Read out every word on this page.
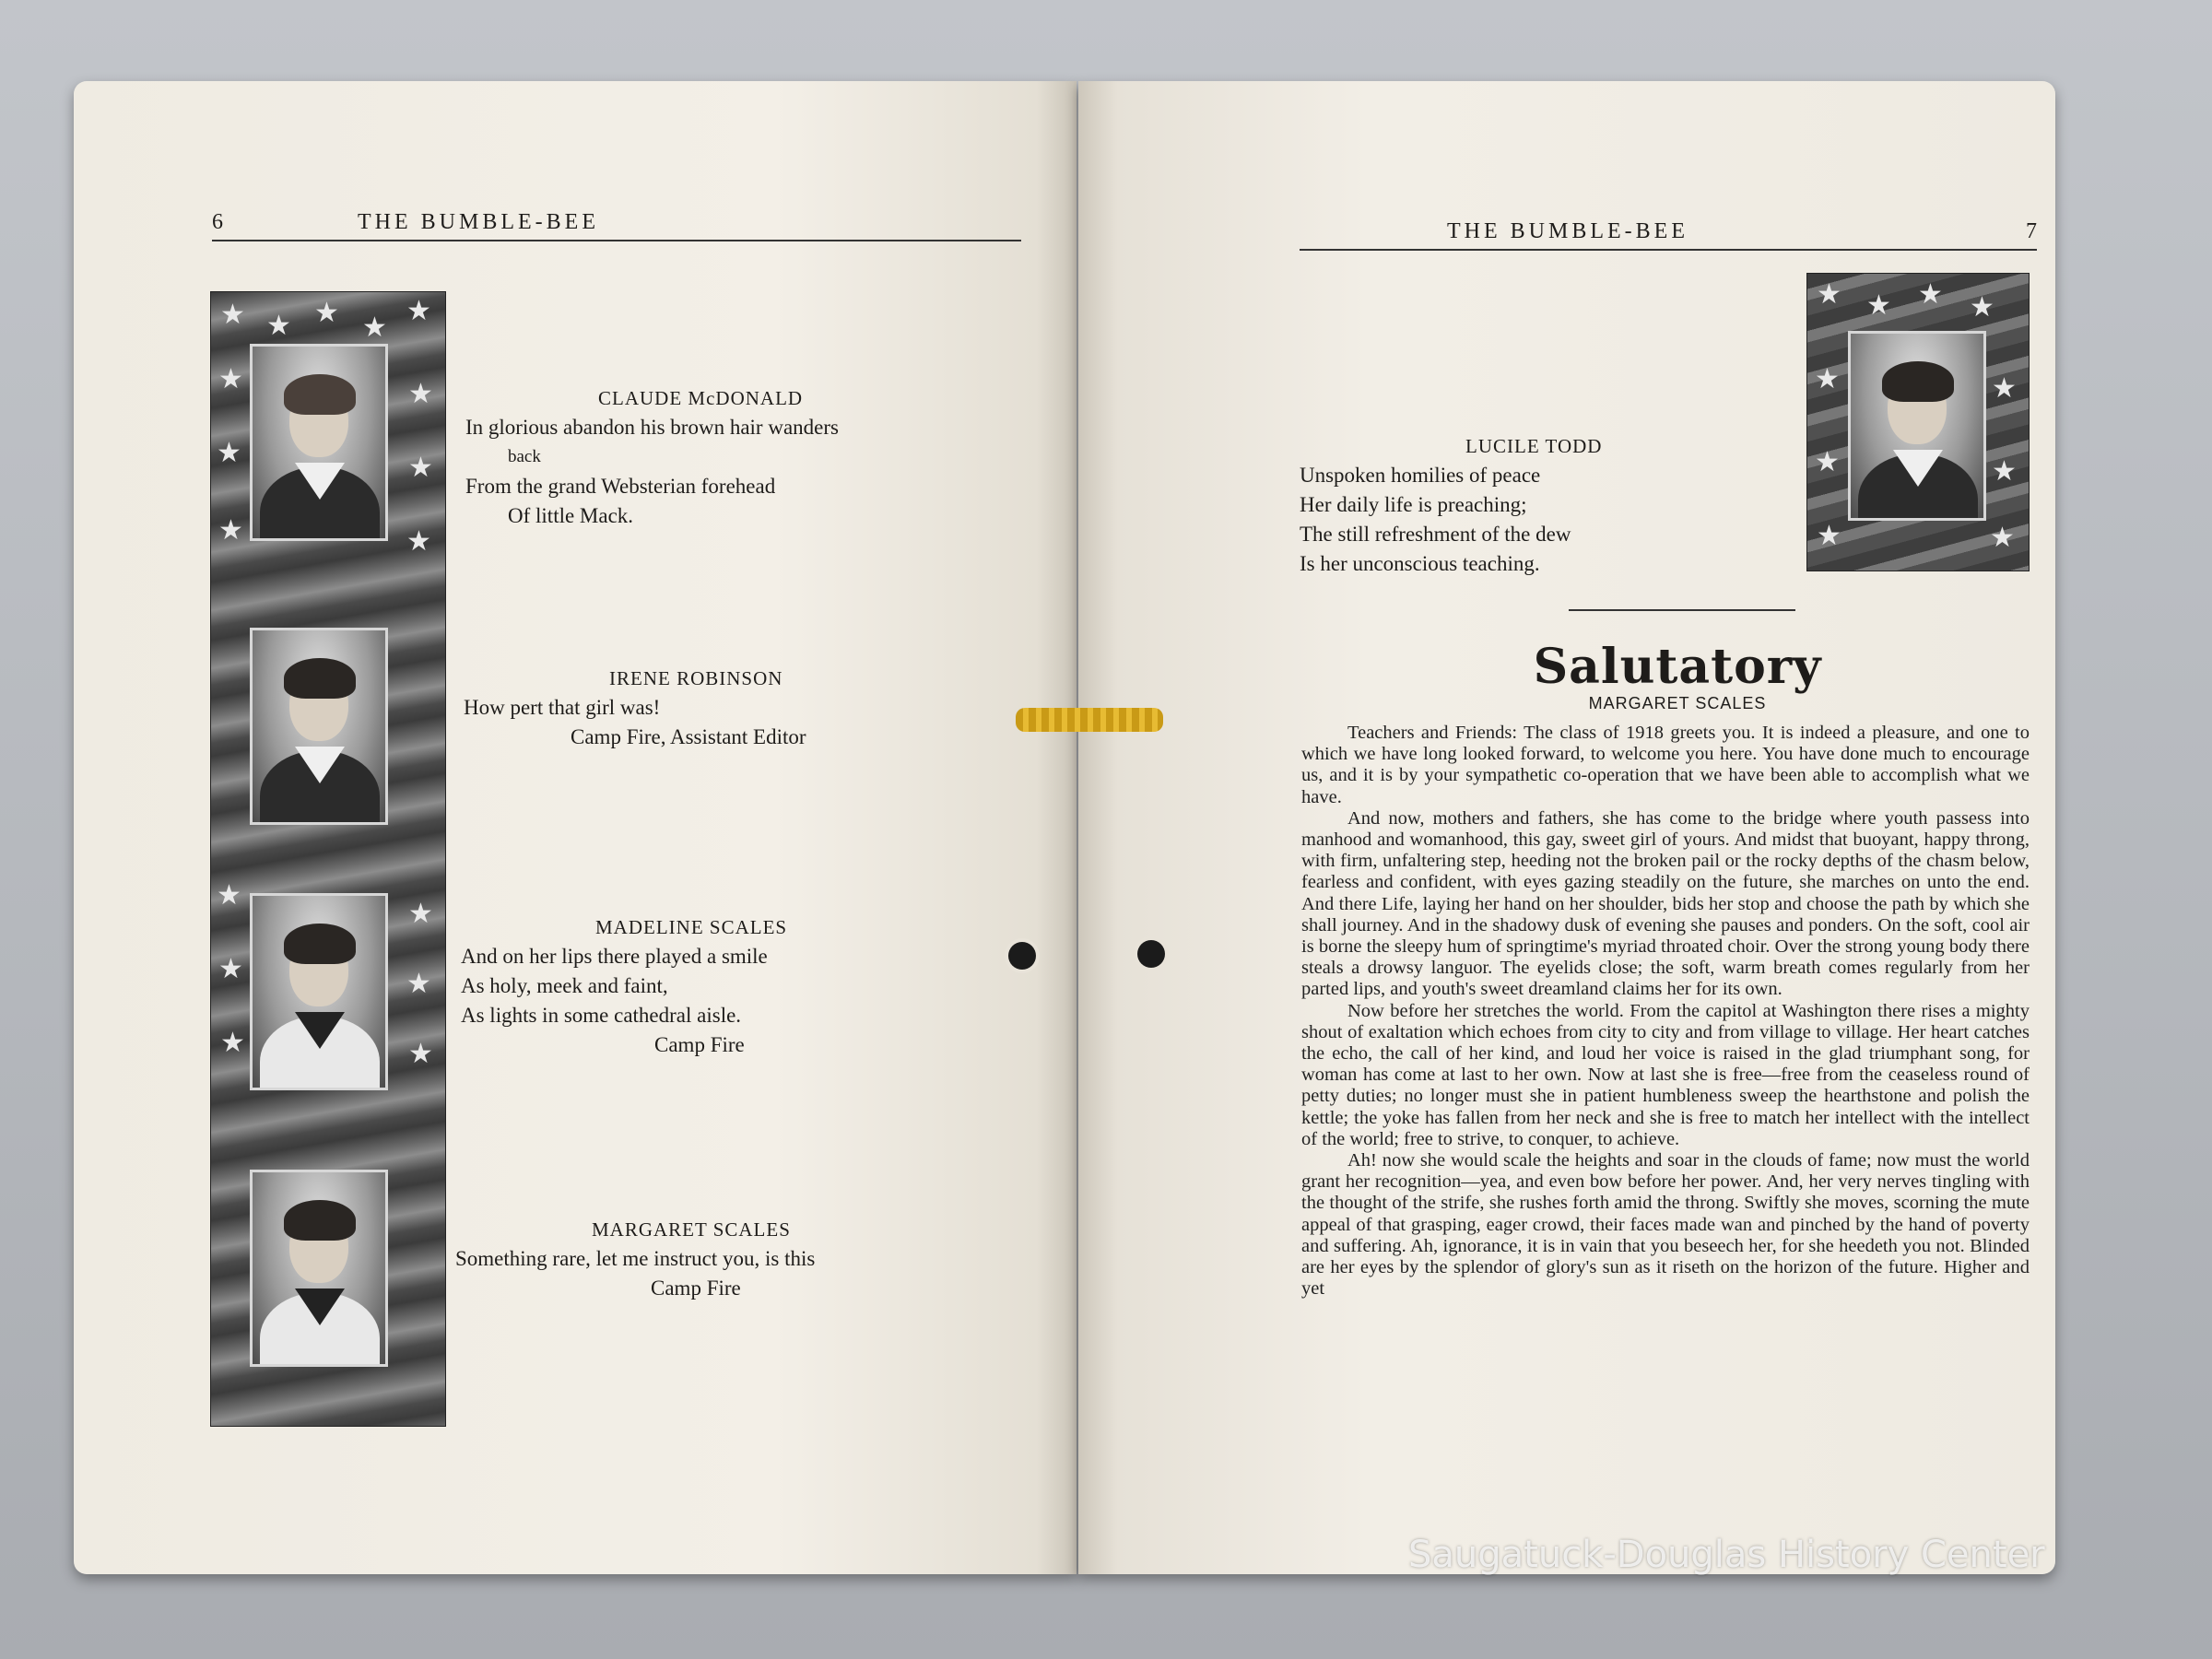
6	THE BUMBLE-BEE
★ ★ ★ ★
★
★	★
★	★
★	★
★
★
★	★
★	★
CLAUDE McDONALD
In glorious abandon his brown hair wanders
back
From the grand Websterian forehead
Of little Mack.
IRENE ROBINSON
How pert that girl was!
Camp Fire, Assistant Editor
MADELINE SCALES
And on her lips there played a smile
As holy, meek and faint,
As lights in some cathedral aisle.
Camp Fire
MARGARET SCALES
Something rare, let me instruct you, is this
Camp Fire
THE BUMBLE-BEE	7
LUCILE TODD
Unspoken homilies of peace
Her daily life is preaching;
The still refreshment of the dew
Is her unconscious teaching.
★ ★ ★ ★
★	★
★	★
★	★
Salutatory
MARGARET SCALES

Teachers and Friends: The class of 1918 greets you. It is indeed a pleasure, and one to which we have long looked forward, to welcome you here. You have done much to encourage us, and it is by your sympathetic co-operation that we have been able to accomplish what we have.

And now, mothers and fathers, she has come to the bridge where youth passess into manhood and womanhood, this gay, sweet girl of yours. And midst that buoyant, happy throng, with firm, unfaltering step, heeding not the broken pail or the rocky depths of the chasm below, fearless and confident, with eyes gazing steadily on the future, she marches on unto the end. And there Life, laying her hand on her shoulder, bids her stop and choose the path by which she shall journey. And in the shadowy dusk of evening she pauses and ponders. On the soft, cool air is borne the sleepy hum of springtime's myriad throated choir. Over the strong young body there steals a drowsy languor. The eyelids close; the soft, warm breath comes regularly from her parted lips, and youth's sweet dreamland claims her for its own.

Now before her stretches the world. From the capitol at Washington there rises a mighty shout of exaltation which echoes from city to city and from village to village. Her heart catches the echo, the call of her kind, and loud her voice is raised in the glad triumphant song, for woman has come at last to her own. Now at last she is free—free from the ceaseless round of petty duties; no longer must she in patient humbleness sweep the hearthstone and polish the kettle; the yoke has fallen from her neck and she is free to match her intellect with the intellect of the world; free to strive, to conquer, to achieve.

Ah! now she would scale the heights and soar in the clouds of fame; now must the world grant her recognition—yea, and even bow before her power. And, her very nerves tingling with the thought of the strife, she rushes forth amid the throng. Swiftly she moves, scorning the mute appeal of that grasping, eager crowd, their faces made wan and pinched by the hand of poverty and suffering. Ah, ignorance, it is in vain that you beseech her, for she heedeth you not. Blinded are her eyes by the splendor of glory's sun as it riseth on the horizon of the future. Higher and yet

Saugatuck-Douglas History Center
